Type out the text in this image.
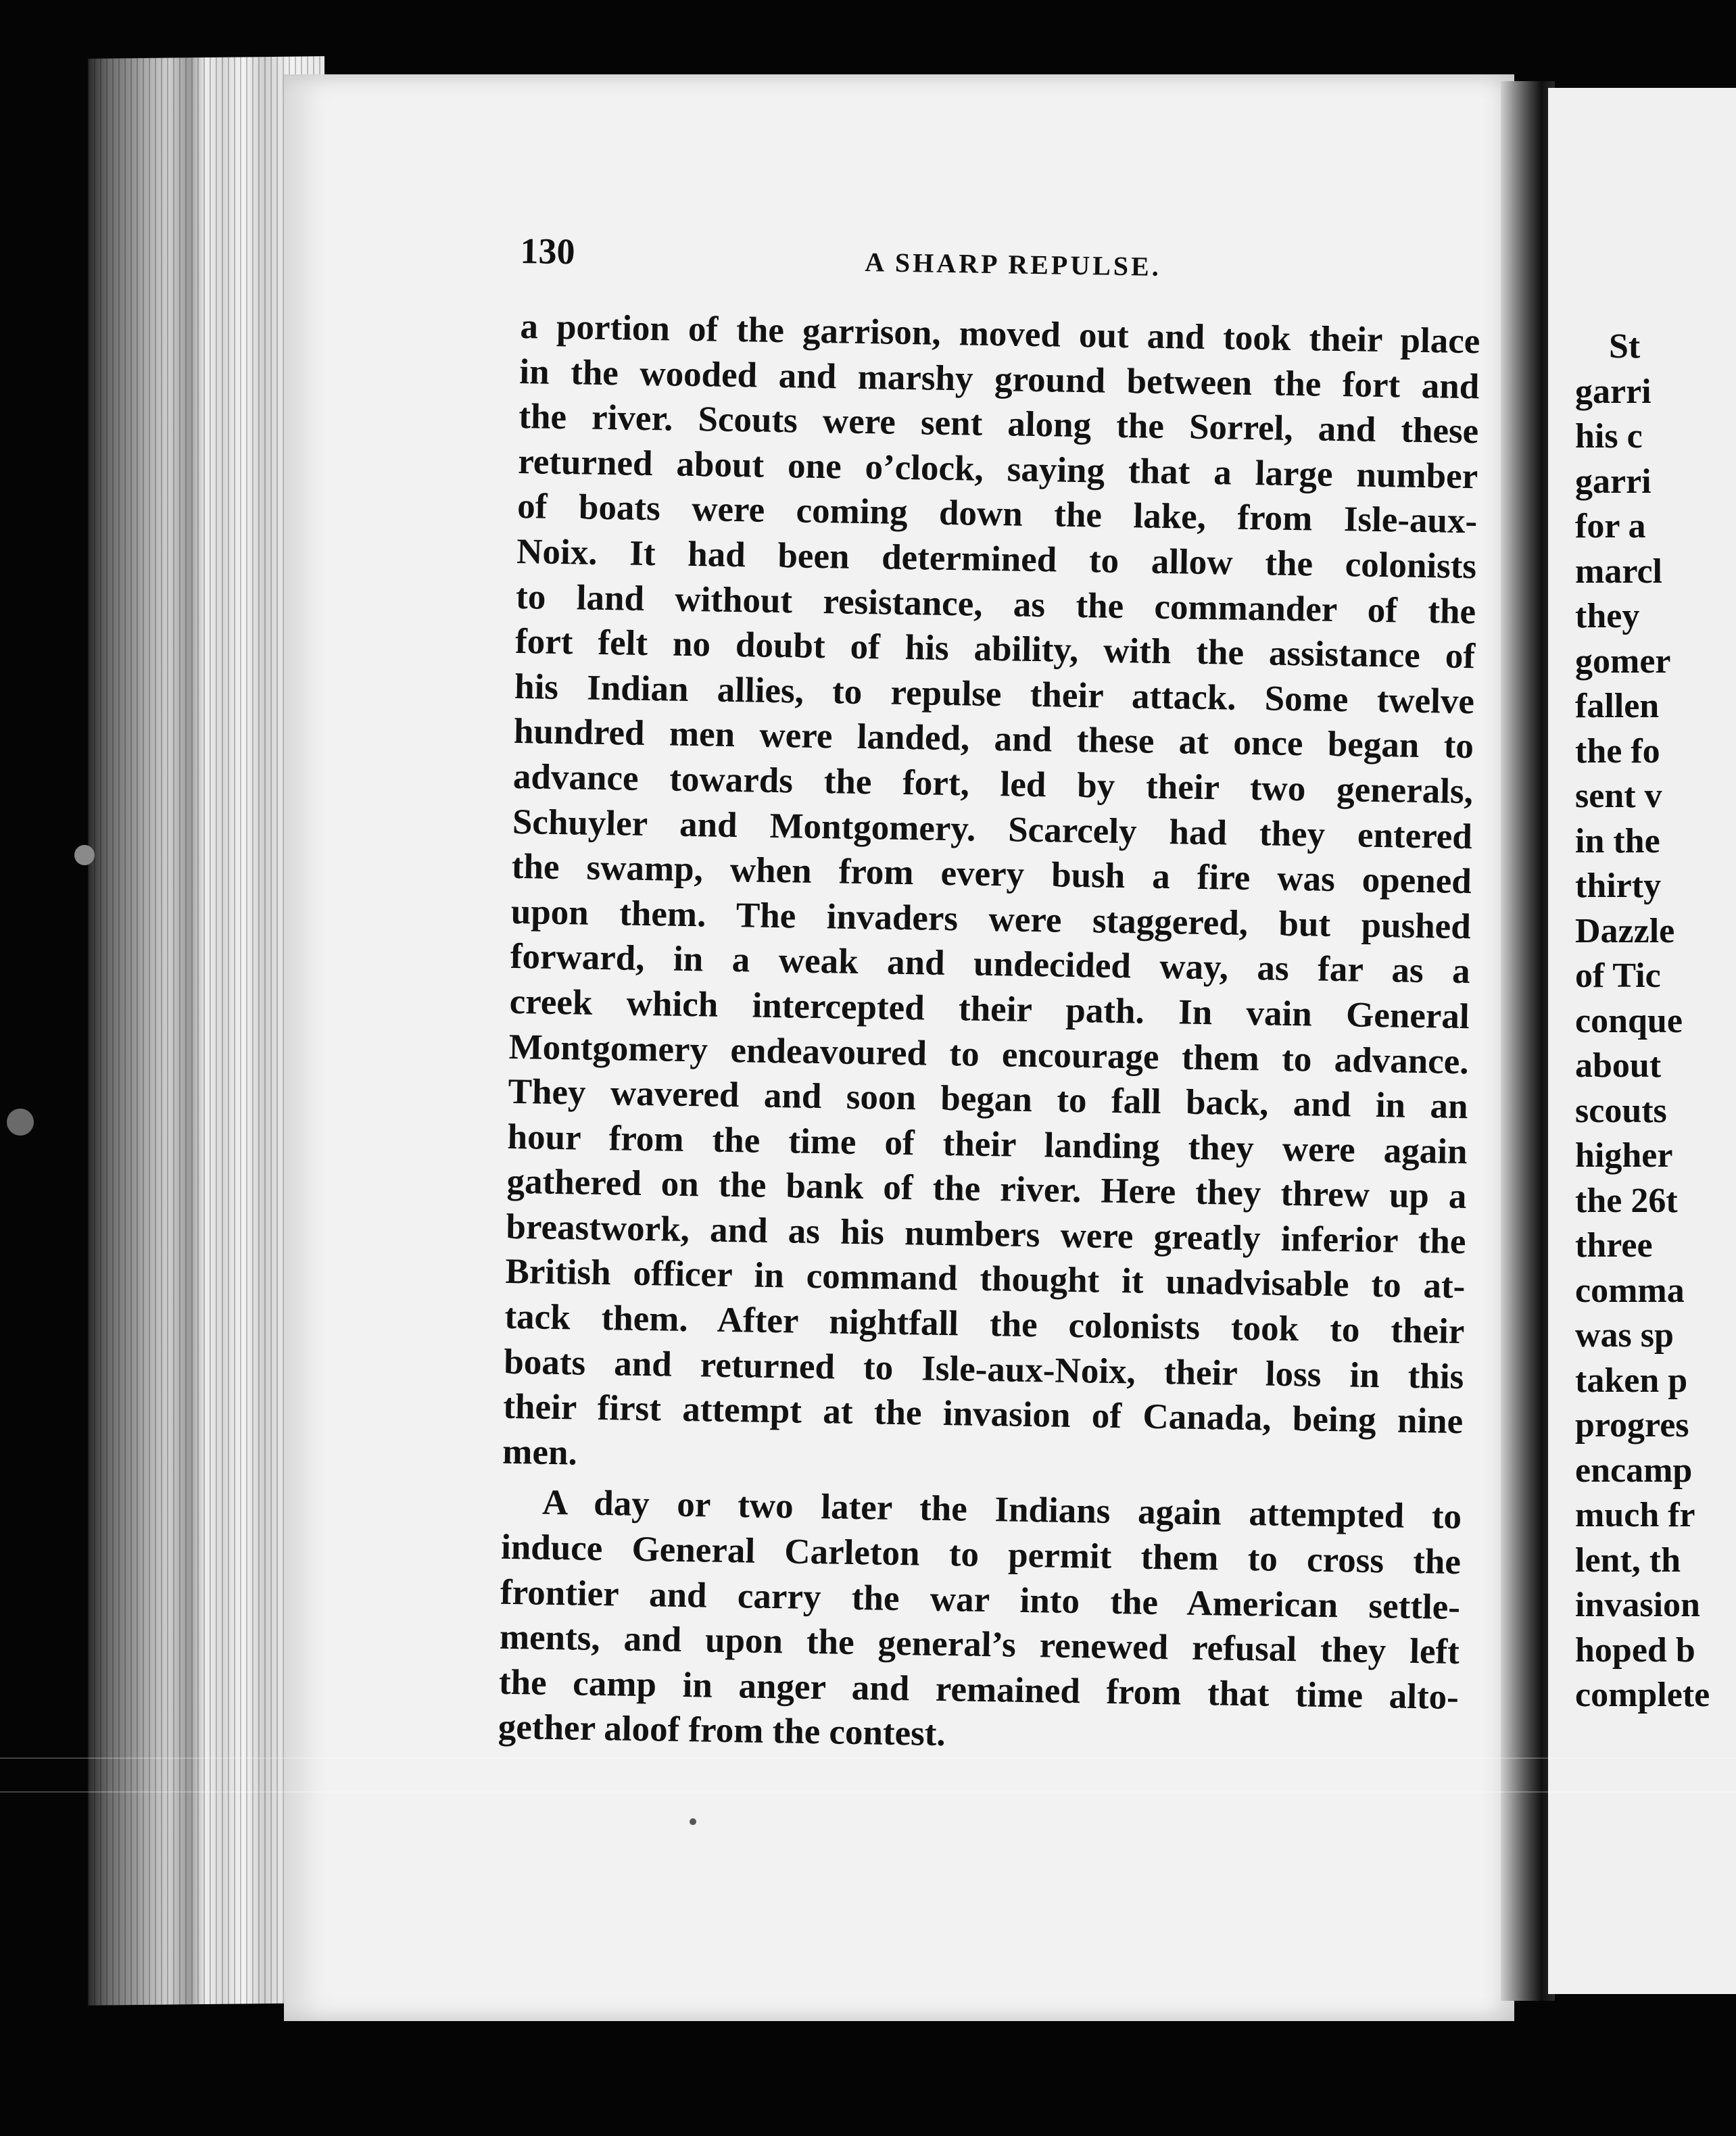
130	A SHARP REPULSE.
a portion of the garrison, moved out and took their place
in the wooded and marshy ground between the fort and
the river. Scouts were sent along the Sorrel, and these
returned about one o’clock, saying that a large number
of boats were coming down the lake, from Isle-aux-
Noix. It had been determined to allow the colonists
to land without resistance, as the commander of the
fort felt no doubt of his ability, with the assistance of
his Indian allies, to repulse their attack. Some twelve
hundred men were landed, and these at once began to
advance towards the fort, led by their two generals,
Schuyler and Montgomery. Scarcely had they entered
the swamp, when from every bush a fire was opened
upon them. The invaders were staggered, but pushed
forward, in a weak and undecided way, as far as a
creek which intercepted their path. In vain General
Montgomery endeavoured to encourage them to advance.
They wavered and soon began to fall back, and in an
hour from the time of their landing they were again
gathered on the bank of the river. Here they threw up a
breastwork, and as his numbers were greatly inferior the
British officer in command thought it unadvisable to at-
tack them. After nightfall the colonists took to their
boats and returned to Isle-aux-Noix, their loss in this
their first attempt at the invasion of Canada, being nine
men.
A day or two later the Indians again attempted to
induce General Carleton to permit them to cross the
frontier and carry the war into the American settle-
ments, and upon the general’s renewed refusal they left
the camp in anger and remained from that time alto-
gether aloof from the contest.
St
garri
his c
garri
for a
marcl
they
gomer
fallen
the fo
sent v
in the
thirty
Dazzle
of Tic
conque
about
scouts
higher
the 26t
three
comma
was sp
taken p
progres
encamp
much fr
lent, th
invasion
hoped b
complete
